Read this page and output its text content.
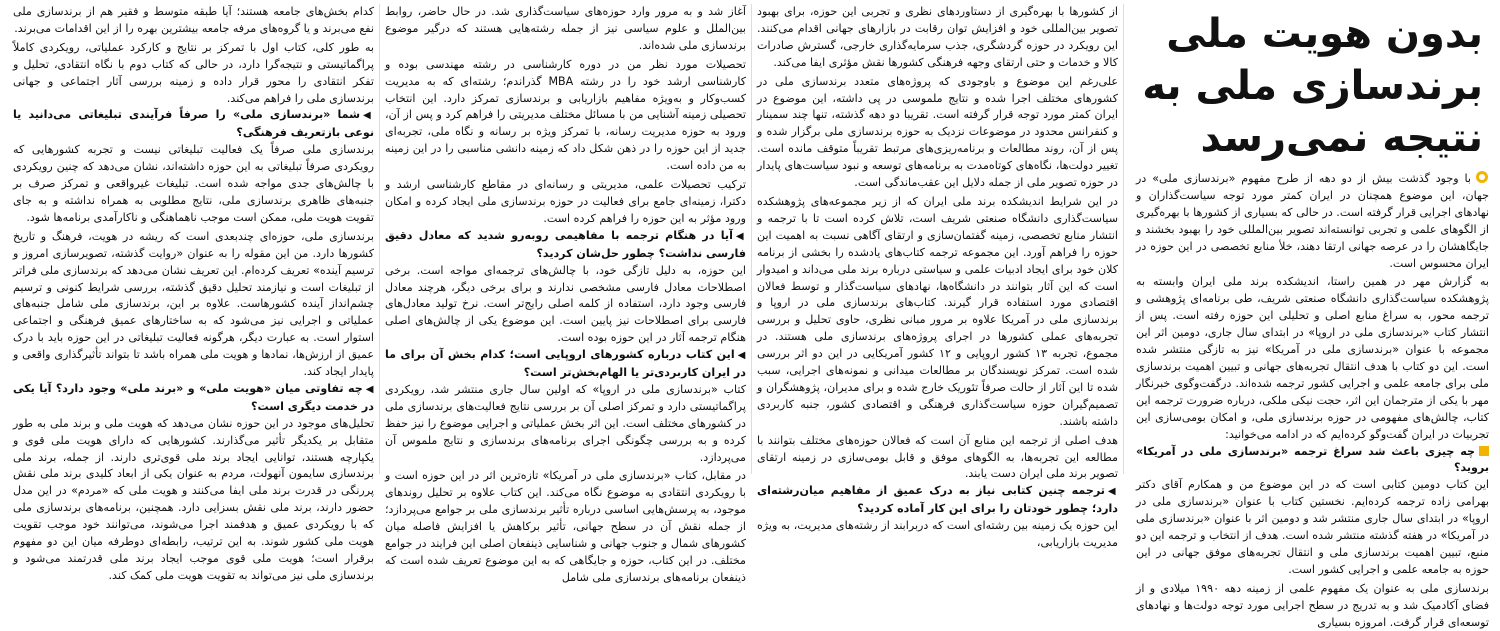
بدون هویت ملی
برندسازی ملی به نتیجه نمی‌رسد

با وجود گذشت بیش از دو دهه از طرح مفهوم «برندسازی ملی» در جهان، این موضوع همچنان در ایران کمتر مورد توجه سیاست‌گذاران و نهادهای اجرایی قرار گرفته است. در حالی که بسیاری از کشورها با بهره‌گیری از الگوهای علمی و تجربی توانسته‌اند تصویر بین‌المللی خود را بهبود بخشند و جایگاهشان را در عرصه جهانی ارتقا دهند، خلأ منابع تخصصی در این حوزه در ایران محسوس است.

به گزارش مهر در همین راستا، اندیشکده برند ملی ایران وابسته به پژوهشکده سیاست‌گذاری دانشگاه صنعتی شریف، طی برنامه‌ای پژوهشی و ترجمه محور، به سراغ منابع اصلی و تحلیلی این حوزه رفته است. پس از انتشار کتاب «برندسازی ملی در اروپا» در ابتدای سال جاری، دومین اثر این مجموعه با عنوان «برندسازی ملی در آمریکا» نیز به تازگی منتشر شده است. این دو کتاب با هدف انتقال تجربه‌های جهانی و تبیین اهمیت برندسازی ملی برای جامعه علمی و اجرایی کشور ترجمه شده‌اند. درگفت‌وگوی خبرنگار مهر با یکی از مترجمان این اثر، حجت نیکی ملکی، درباره ضرورت ترجمه این کتاب، چالش‌های مفهومی در حوزه برندسازی ملی، و امکان بومی‌سازی این تجربیات در ایران گفت‌وگو کرده‌ایم که در ادامه می‌خوانید:

چه چیزی باعث شد سراغ ترجمه «برندسازی ملی در آمریکا» بروید؟

این کتاب دومین کتابی است که در این موضوع من و همکارم آقای دکتر بهرامی زاده ترجمه کرده‌ایم. نخستین کتاب با عنوان «برندسازی ملی در اروپا» در ابتدای سال جاری منتشر شد و دومین اثر با عنوان «برندسازی ملی در آمریکا» در هفته گذشته منتشر شده است. هدف از انتخاب و ترجمه این دو منبع، تبیین اهمیت برندسازی ملی و انتقال تجربه‌های موفق جهانی در این حوزه به جامعه علمی و اجرایی کشور است.

برندسازی ملی به عنوان یک مفهوم علمی از زمینه دهه ۱۹۹۰ میلادی و از فضای آکادمیک شد و به تدریج در سطح اجرایی مورد توجه دولت‌ها و نهادهای توسعه‌ای قرار گرفت. امروزه بسیاری

از کشورها با بهره‌گیری از دستاوردهای نظری و تجربی این حوزه، برای بهبود تصویر بین‌المللی خود و افزایش توان رقابت در بازارهای جهانی اقدام می‌کنند. این رویکرد در حوزه گردشگری، جذب سرمایه‌گذاری خارجی، گسترش صادرات کالا و خدمات و حتی ارتقای وجهه فرهنگی کشورها نقش مؤثری ایفا می‌کند.

علی‌رغم این موضوع و باوجودی که پروژه‌های متعدد برندسازی ملی در کشورهای مختلف اجرا شده و نتایج ملموسی در پی داشته، این موضوع در ایران کمتر مورد توجه قرار گرفته است. تقریبا دو دهه گذشته، تنها چند سمینار و کنفرانس محدود در موضوعات نزدیک به حوزه برندسازی ملی برگزار شده و پس از آن، روند مطالعات و برنامه‌ریزی‌های مرتبط تقریباً متوقف مانده است. تغییر دولت‌ها، نگاه‌های کوتاه‌مدت به برنامه‌های توسعه و نبود سیاست‌های پایدار در حوزه تصویر ملی از جمله دلایل این عقب‌ماندگی است.

در این شرایط اندیشکده برند ملی ایران که از زیر مجموعه‌های پژوهشکده سیاست‌گذاری دانشگاه صنعتی شریف است، تلاش کرده است تا با ترجمه و انتشار منابع تخصصی، زمینه گفتمان‌سازی و ارتقای آگاهی نسبت به اهمیت این حوزه را فراهم آورد. این مجموعه ترجمه کتاب‌های یادشده را بخشی از برنامه کلان خود برای ایجاد ادبیات علمی و سیاستی درباره برند ملی می‌داند و امیدوار است که این آثار بتوانند در دانشگاه‌ها، نهادهای سیاست‌گذار و توسط فعالان اقتصادی مورد استفاده قرار گیرند. کتاب‌های برندسازی ملی در اروپا و برندسازی ملی در آمریکا علاوه بر مرور مبانی نظری، حاوی تحلیل و بررسی تجربه‌های عملی کشورها در اجرای پروژه‌های برندسازی ملی هستند. در مجموع، تجربه ۱۳ کشور اروپایی و ۱۲ کشور آمریکایی در این دو اثر بررسی شده است. تمرکز نویسندگان بر مطالعات میدانی و نمونه‌های اجرایی، سبب شده تا این آثار از حالت صرفاً تئوریک خارج شده و برای مدیران، پژوهشگران و تصمیم‌گیران حوزه سیاست‌گذاری فرهنگی و اقتصادی کشور، جنبه کاربردی داشته باشند.

هدف اصلی از ترجمه این منابع آن است که فعالان حوزه‌های مختلف بتوانند با مطالعه این تجربه‌ها، به الگوهای موفق و قابل بومی‌سازی در زمینه ارتقای تصویر برند ملی ایران دست یابند.

◀ترجمه چنین کتابی نیاز به درک عمیق از مفاهیم میان‌رشته‌ای دارد؛ چطور خودتان را برای این کار آماده کردید؟

این حوزه یک زمینه بین رشته‌ای است که دربرابند از رشته‌های مدیریت، به ویژه مدیریت بازاریابی،

آغاز شد و به مرور وارد حوزه‌های سیاست‌گذاری شد. در حال حاضر، روابط بین‌الملل و علوم سیاسی نیز از جمله رشته‌هایی هستند که درگیر موضوع برندسازی ملی شده‌اند.

تحصیلات مورد نظر من در دوره کارشناسی در رشته مهندسی بوده و کارشناسی ارشد خود را در رشته MBA گذراندم؛ رشته‌ای که به مدیریت کسب‌وکار و به‌ویژه مفاهیم بازاریابی و برندسازی تمرکز دارد. این انتخاب تحصیلی زمینه آشنایی من با مسائل مختلف مدیریتی را فراهم کرد و پس از آن، ورود به حوزه مدیریت رسانه، با تمرکز ویژه بر رسانه و نگاه ملی، تجربه‌ای جدید از این حوزه را در ذهن شکل داد که زمینه دانشی مناسبی را در این زمینه به من داده است.

ترکیب تحصیلات علمی، مدیریتی و رسانه‌ای در مقاطع کارشناسی ارشد و دکترا، زمینه‌ای جامع برای فعالیت در حوزه برندسازی ملی ایجاد کرده و امکان ورود مؤثر به این حوزه را فراهم کرده است.

◀آیا در هنگام ترجمه با مفاهیمی روبه‌رو شدید که معادل دقیق فارسی نداشت؟ چطور حل‌شان کردید؟

این حوزه، به دلیل تازگی خود، با چالش‌های ترجمه‌ای مواجه است. برخی اصطلاحات معادل فارسی مشخصی ندارند و برای برخی دیگر، هرچند معادل فارسی وجود دارد، استفاده از کلمه اصلی رایج‌تر است. نرخ تولید معادل‌های فارسی برای اصطلاحات نیز پایین است. این موضوع یکی از چالش‌های اصلی هنگام ترجمه آثار در این حوزه بوده است.

◀این کتاب درباره کشورهای اروپایی است؛ کدام بخش آن برای ما در ایران کاربردی‌تر یا الهام‌بخش‌تر است؟

کتاب «برندسازی ملی در اروپا» که اولین سال جاری منتشر شد، رویکردی پراگماتیستی دارد و تمرکز اصلی آن بر بررسی نتایج فعالیت‌های برندسازی ملی در کشورهای مختلف است. این اثر بخش عملیاتی و اجرایی موضوع را نیز حفظ کرده و به بررسی چگونگی اجرای برنامه‌های برندسازی و نتایج ملموس آن می‌پردازد.

در مقابل، کتاب «برندسازی ملی در آمریکا» تا‌زه‌ترین اثر در این حوزه است و با رویکردی انتقادی به موضوع نگاه می‌کند. این کتاب علاوه بر تحلیل روندهای موجود، به پرسش‌هایی اساسی درباره تأثیر برندسازی ملی بر جوامع می‌پردازد؛ از جمله نقش آن در سطح جهانی، تأثیر برکاهش یا افزایش فاصله میان کشورهای شمال و جنوب جهانی و شناسایی ذینفعان اصلی این فرایند در جوامع مختلف. در این کتاب، حوزه و جایگاهی که به این موضوع تعریف شده است که ذینفعان برنامه‌های برندسازی ملی شامل

کدام بخش‌های جامعه هستند؛ آیا طبقه متوسط و فقیر هم از برندسازی ملی نفع می‌برند و یا گروه‌های مرفه جامعه بیشترین بهره را از این اقدامات می‌برند.

به طور کلی، کتاب اول با تمرکز بر نتایج و کارکرد عملیاتی، رویکردی کاملاً پراگماتیستی و نتیجه‌گرا دارد، در حالی که کتاب دوم با نگاه انتقادی، تحلیل و تفکر انتقادی را محور قرار داده و زمینه بررسی آثار اجتماعی و جهانی برندسازی ملی را فراهم می‌کند.

◀شما «برندسازی ملی» را صرفاً فرآیندی تبلیغاتی می‌دانید یا نوعی بازتعریف فرهنگی؟

برندسازی ملی صرفاً یک فعالیت تبلیغاتی نیست و تجربه کشورهایی که رویکردی صرفاً تبلیغاتی به این حوزه داشته‌اند، نشان می‌دهد که چنین رویکردی با چالش‌های جدی مواجه شده است. تبلیغات غیرواقعی و تمرکز صرف بر جنبه‌های ظاهری برندسازی ملی، نتایج مطلوبی به همراه نداشته و به جای تقویت هویت ملی، ممکن است موجب ناهماهنگی و ناکارآمدی برنامه‌ها شود.

برندسازی ملی، حوزه‌ای چندبعدی است که ریشه در هویت، فرهنگ و تاریخ کشورها دارد. من این مقوله را به عنوان «روایت گذشته، تصویرسازی امروز و ترسیم آینده» تعریف کرده‌ام. این تعریف نشان می‌دهد که برندسازی ملی فراتر از تبلیغات است و نیازمند تحلیل دقیق گذشته، بررسی شرایط کنونی و ترسیم چشم‌انداز آینده کشورهاست. علاوه بر این، برندسازی ملی شامل جنبه‌های عملیاتی و اجرایی نیز می‌شود که به ساختارهای عمیق فرهنگی و اجتماعی استوار است. به عبارت دیگر، هرگونه فعالیت تبلیغاتی در این حوزه باید با درک عمیق از ارزش‌ها، نمادها و هویت ملی همراه باشد تا بتواند تأثیرگذاری واقعی و پایدار ایجاد کند.

◀چه تفاوتی میان «هویت ملی» و «برند ملی» وجود دارد؟ آیا یکی در خدمت دیگری است؟

تحلیل‌های موجود در این حوزه نشان می‌دهد که هویت ملی و برند ملی به طور متقابل بر یکدیگر تأثیر می‌گذارند. کشورهایی که دارای هویت ملی قوی و یکپارچه هستند، توانایی ایجاد برند ملی قوی‌تری دارند. از جمله، برند ملی برندسازی سایمون آنهولت، مردم به عنوان یکی از ابعاد کلیدی برند ملی نقش پررنگی در قدرت برند ملی ایفا می‌کنند و هویت ملی که «مردم» در این مدل حضور دارند، برند ملی نقش بسزایی دارد. همچنین، برنامه‌های برندسازی ملی که با رویکردی عمیق و هدفمند اجرا می‌شوند، می‌توانند خود موجب تقویت هویت ملی کشور شوند. به این ترتیب، رابطه‌ای دوطرفه میان این دو مفهوم برقرار است؛ هویت ملی قوی موجب ایجاد برند ملی قدرتمند می‌شود و برندسازی ملی نیز می‌تواند به تقویت هویت ملی کمک کند.
